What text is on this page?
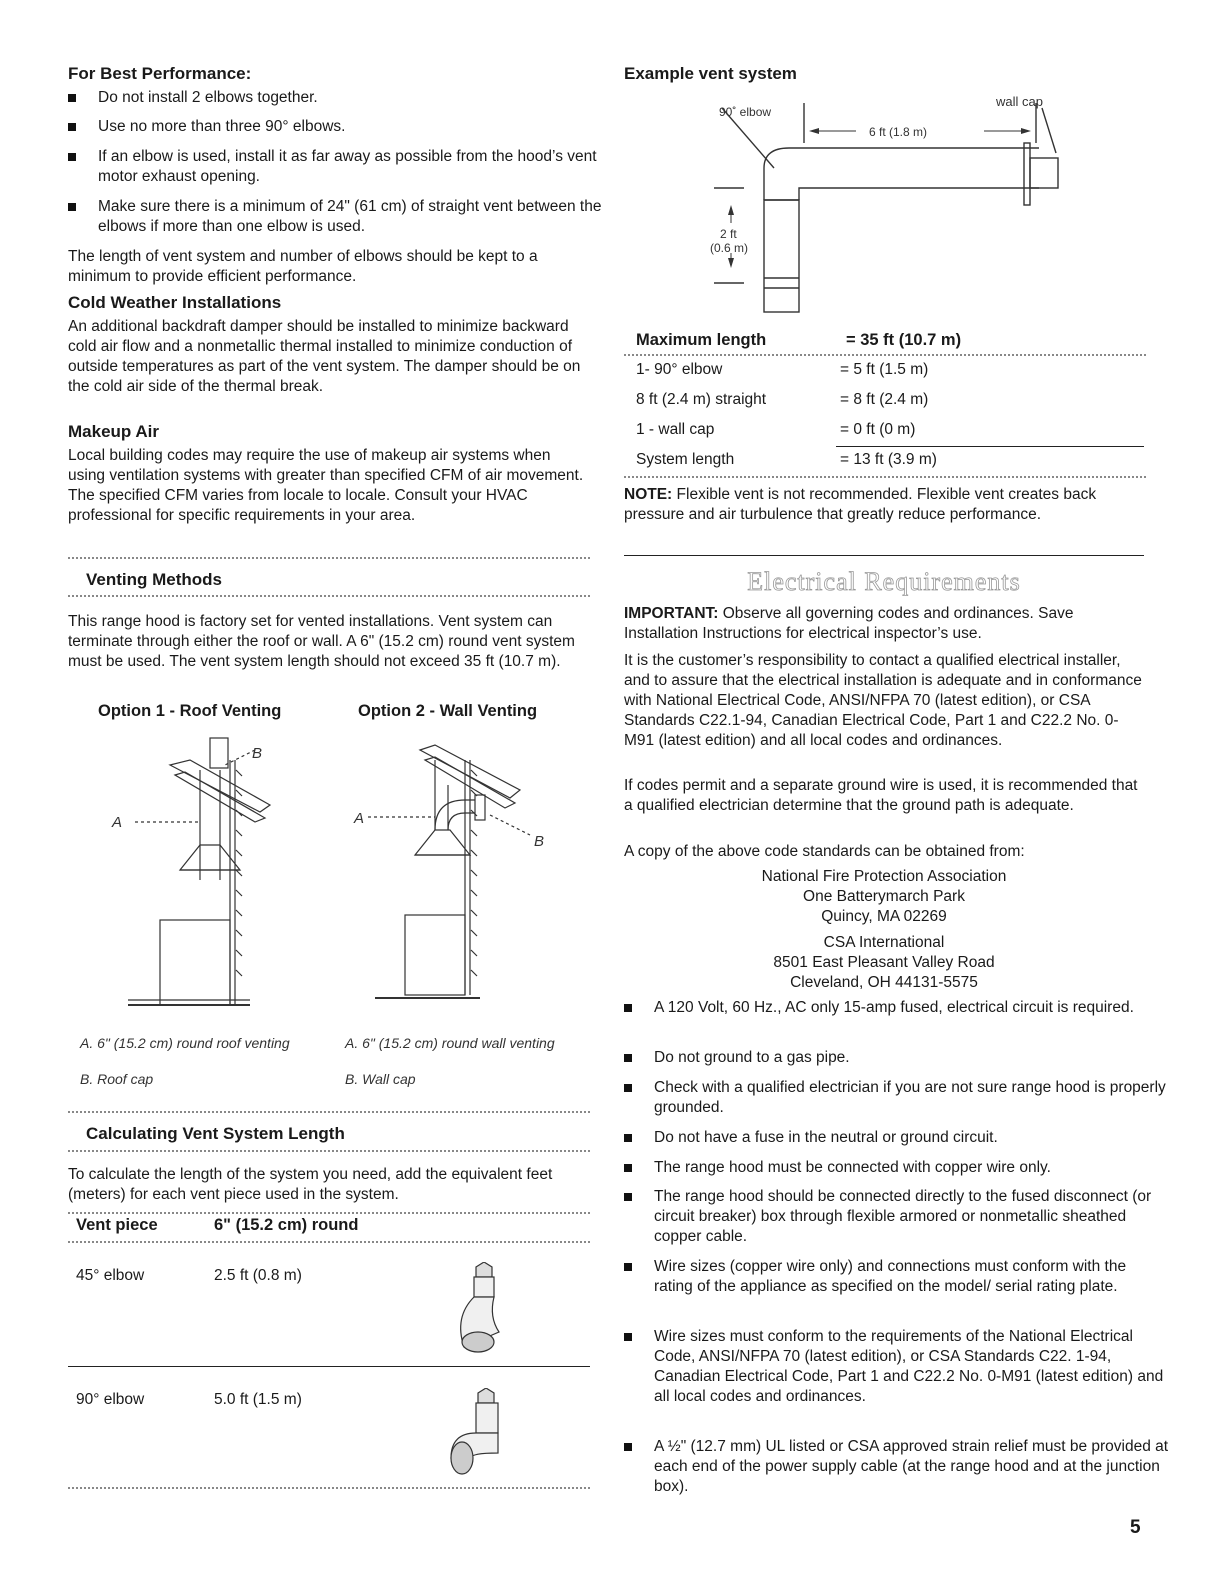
For Best Performance:
Do not install 2 elbows together.
Use no more than three 90° elbows.
If an elbow is used, install it as far away as possible from the hood’s vent motor exhaust opening.
Make sure there is a minimum of 24" (61 cm) of straight vent between the elbows if more than one elbow is used.
The length of vent system and number of elbows should be kept to a minimum to provide efficient performance.
Cold Weather Installations
An additional backdraft damper should be installed to minimize backward cold air flow and a nonmetallic thermal installed to minimize conduction of outside temperatures as part of the vent system. The damper should be on the cold air side of the thermal break.
Makeup Air
Local building codes may require the use of makeup air systems when using ventilation systems with greater than specified CFM of air movement. The specified CFM varies from locale to locale. Consult your HVAC professional for specific requirements in your area.
Venting Methods
This range hood is factory set for vented installations. Vent system can terminate through either the roof or wall. A 6" (15.2 cm) round vent system must be used. The vent system length should not exceed 35 ft (10.7 m).
Option 1 - Roof Venting	Option 2 - Wall Venting
A
B
A
B
A. 6" (15.2 cm) round roof venting
B. Roof cap
A. 6" (15.2 cm) round wall venting
B. Wall cap
Calculating Vent System Length
To calculate the length of the system you need, add the equivalent feet (meters) for each vent piece used in the system.
Vent piece	6" (15.2 cm) round
45° elbow	2.5 ft (0.8 m)
90° elbow	5.0 ft (1.5 m)
Example vent system
90˚ elbow
wall cap
6 ft (1.8 m)
2 ft
(0.6 m)
Maximum length	= 35 ft (10.7 m)
1- 90° elbow	= 5 ft (1.5 m)
8 ft (2.4 m) straight	= 8 ft (2.4 m)
1 - wall cap	= 0 ft (0 m)
System length	= 13 ft (3.9 m)
NOTE: Flexible vent is not recommended. Flexible vent creates back pressure and air turbulence that greatly reduce performance.
Electrical Requirements
IMPORTANT: Observe all governing codes and ordinances. Save Installation Instructions for electrical inspector’s use.
It is the customer’s responsibility to contact a qualified electrical installer, and to assure that the electrical installation is adequate and in conformance with National Electrical Code, ANSI/NFPA 70 (latest edition), or CSA Standards C22.1-94, Canadian Electrical Code, Part 1 and C22.2 No. 0-M91 (latest edition) and all local codes and ordinances.
If codes permit and a separate ground wire is used, it is recommended that a qualified electrician determine that the ground path is adequate.
A copy of the above code standards can be obtained from:
National Fire Protection Association
One Batterymarch Park
Quincy, MA 02269
CSA International
8501 East Pleasant Valley Road
Cleveland, OH 44131-5575
A 120 Volt, 60 Hz., AC only 15-amp fused, electrical circuit is required.
Do not ground to a gas pipe.
Check with a qualified electrician if you are not sure range hood is properly grounded.
Do not have a fuse in the neutral or ground circuit.
The range hood must be connected with copper wire only.
The range hood should be connected directly to the fused disconnect (or circuit breaker) box through flexible armored or nonmetallic sheathed copper cable.
Wire sizes (copper wire only) and connections must conform with the rating of the appliance as specified on the model/ serial rating plate.
Wire sizes must conform to the requirements of the National Electrical Code, ANSI/NFPA 70 (latest edition), or CSA Standards C22. 1-94, Canadian Electrical Code, Part 1 and C22.2 No. 0-M91 (latest edition) and all local codes and ordinances.
A ½" (12.7 mm) UL listed or CSA approved strain relief must be provided at each end of the power supply cable (at the range hood and at the junction box).
5
